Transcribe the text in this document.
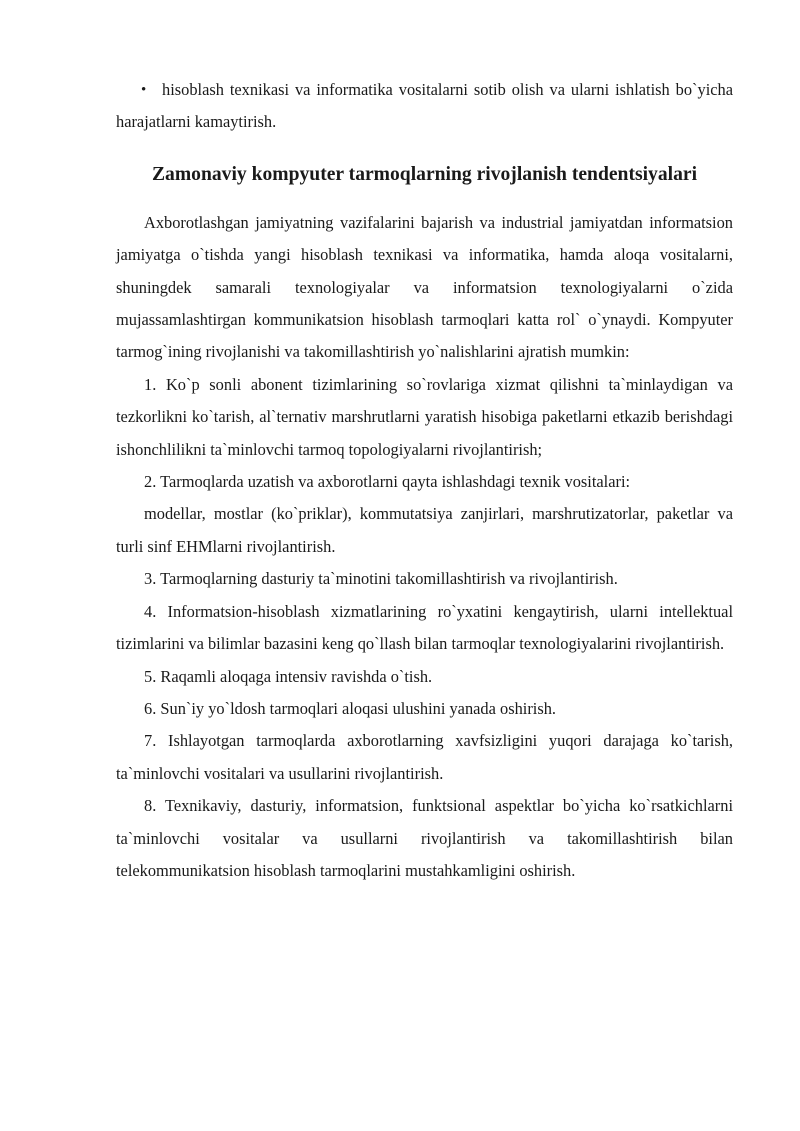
• hisoblash texnikasi va informatika vositalarni sotib olish va ularni ishlatish bo`yicha harajatlarni kamaytirish.

Zamonaviy kompyuter tarmoqlarning rivojlanish tendentsiyalari

Axborotlashgan jamiyatning vazifalarini bajarish va industrial jamiyatdan informatsion jamiyatga o`tishda yangi hisoblash texnikasi va informatika, hamda aloqa vositalarni, shuningdek samarali texnologiyalar va informatsion texnologiyalarni o`zida mujassamlashtirgan kommunikatsion hisoblash tarmoqlari katta rol` o`ynaydi. Kompyuter tarmog`ining rivojlanishi va takomillashtirish yo`nalishlarini ajratish mumkin:

1. Ko`p sonli abonent tizimlarining so`rovlariga xizmat qilishni ta`minlaydigan va tezkorlikni ko`tarish, al`ternativ marshrutlarni yaratish hisobiga paketlarni etkazib berishdagi ishonchlilikni ta`minlovchi tarmoq topologiyalarni rivojlantirish;

2. Tarmoqlarda uzatish va axborotlarni qayta ishlashdagi texnik vositalari:

modellar, mostlar (ko`priklar), kommutatsiya zanjirlari, marshrutizatorlar, paketlar va turli sinf EHMlarni rivojlantirish.

3. Tarmoqlarning dasturiy ta`minotini takomillashtirish va rivojlantirish.

4. Informatsion-hisoblash xizmatlarining ro`yxatini kengaytirish, ularni intellektual tizimlarini va bilimlar bazasini keng qo`llash bilan tarmoqlar texnologiyalarini rivojlantirish.

5. Raqamli aloqaga intensiv ravishda o`tish.

6. Sun`iy yo`ldosh tarmoqlari aloqasi ulushini yanada oshirish.

7. Ishlayotgan tarmoqlarda axborotlarning xavfsizligini yuqori darajaga ko`tarish, ta`minlovchi vositalari va usullarini rivojlantirish.

8. Texnikaviy, dasturiy, informatsion, funktsional aspektlar bo`yicha ko`rsatkichlarni ta`minlovchi vositalar va usullarni rivojlantirish va takomillashtirish bilan telekommunikatsion hisoblash tarmoqlarini mustahkamligini oshirish.
